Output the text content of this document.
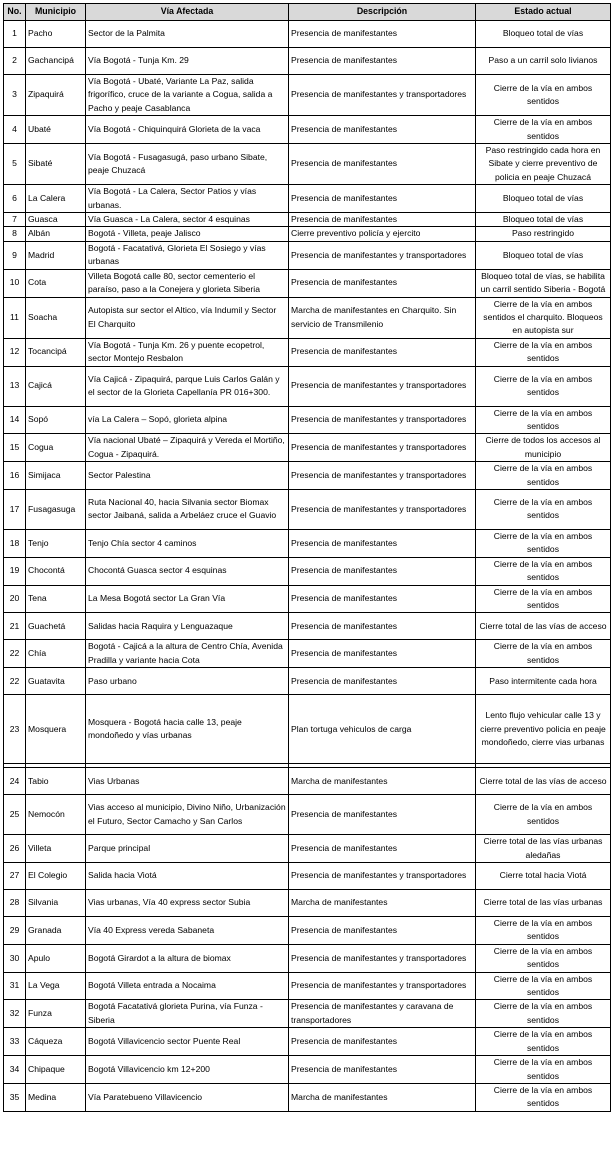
No.	Municipio	Vía Afectada	Descripción	Estado actual
1	Pacho	Sector de la Palmita	Presencia de manifestantes	Bloqueo total de vías
2	Gachancipá	Vía Bogotá - Tunja Km. 29	Presencia de manifestantes	Paso a un carril solo livianos
3	Zipaquirá	Vía Bogotá - Ubaté, Variante La Paz, salida frigorífico, cruce de la variante a Cogua, salida a Pacho y peaje Casablanca	Presencia de manifestantes y transportadores	Cierre de la vía en ambos sentidos
4	Ubaté	Vía Bogotá - Chiquinquirá Glorieta de la vaca	Presencia de manifestantes	Cierre de la vía en ambos sentidos
5	Sibaté	Vía Bogotá - Fusagasugá, paso urbano Sibate, peaje Chuzacá	Presencia de manifestantes	Paso restringido cada hora en Sibate y cierre preventivo de policia en peaje Chuzacá
6	La Calera	Vía Bogotá - La Calera, Sector Patios y vías urbanas.	Presencia de manifestantes	Bloqueo total de vías
7	Guasca	Vía Guasca - La Calera, sector 4 esquinas	Presencia de manifestantes	Bloqueo total de vías
8	Albán	Bogotá - Villeta, peaje Jalisco	Cierre preventivo policía y ejercito	Paso restringido
9	Madrid	Bogotá - Facatativá, Glorieta El Sosiego y vías urbanas	Presencia de manifestantes y transportadores	Bloqueo total de vías
10	Cota	Villeta Bogotá calle 80, sector cementerio el paraíso, paso a la Conejera y glorieta Siberia	Presencia de manifestantes	Bloqueo total de vías, se habilita un carril sentido Siberia - Bogotá
11	Soacha	Autopista sur sector el Altico, vía Indumil y Sector El Charquito	Marcha de manifestantes en Charquito. Sin servicio de Transmilenio	Cierre de la vía en ambos sentidos el charquito. Bloqueos en autopista sur
12	Tocancipá	Vía Bogotá - Tunja Km. 26 y puente ecopetrol, sector Montejo Resbalon	Presencia de manifestantes	Cierre de la vía en ambos sentidos
13	Cajicá	Vía Cajicá - Zipaquirá, parque Luis Carlos Galán y el sector de la Glorieta Capellanía PR 016+300.	Presencia de manifestantes y transportadores	Cierre de la vía en ambos sentidos
14	Sopó	vía La Calera – Sopó, glorieta alpina	Presencia de manifestantes y transportadores	Cierre de la vía en ambos sentidos
15	Cogua	Vía nacional Ubaté – Zipaquirá y Vereda el Mortiño, Cogua - Zipaquirá.	Presencia de manifestantes y transportadores	Cierre de todos los accesos al municipio
16	Simijaca	Sector Palestina	Presencia de manifestantes y transportadores	Cierre de la vía en ambos sentidos
17	Fusagasuga	Ruta Nacional 40, hacia Silvania sector Biomax sector Jaibaná, salida a Arbeláez cruce el Guavio	Presencia de manifestantes y transportadores	Cierre de la vía en ambos sentidos
18	Tenjo	Tenjo Chía sector 4 caminos	Presencia de manifestantes	Cierre de la vía en ambos sentidos
19	Chocontá	Chocontá Guasca sector 4 esquinas	Presencia de manifestantes	Cierre de la vía en ambos sentidos
20	Tena	La Mesa Bogotá sector La Gran Vía	Presencia de manifestantes	Cierre de la vía en ambos sentidos
21	Guachetá	Salidas hacia Raquira y Lenguazaque	Presencia de manifestantes	Cierre total de las vías de acceso
22	Chía	Bogotá - Cajicá a la altura de Centro Chía, Avenida Pradilla y variante hacia Cota	Presencia de manifestantes	Cierre de la vía en ambos sentidos
22	Guatavita	Paso urbano	Presencia de manifestantes	Paso intermitente cada hora
23	Mosquera	Mosquera - Bogotá hacia calle 13, peaje mondoñedo y vías urbanas	Plan tortuga vehiculos de carga	Lento flujo vehicular calle 13 y cierre preventivo policia en peaje mondoñedo, cierre vias urbanas

24	Tabio	Vias Urbanas	Marcha de manifestantes	Cierre total de las vías de acceso
25	Nemocón	Vias acceso al municipio, Divino Niño, Urbanización el Futuro, Sector Camacho y San Carlos	Presencia de manifestantes	Cierre de la vía en ambos sentidos
26	Villeta	Parque principal	Presencia de manifestantes	Cierre total de las vías urbanas aledañas
27	El Colegio	Salida hacia Viotá	Presencia de manifestantes y transportadores	Cierre total hacia Viotá
28	Silvania	Vias urbanas, Vía 40 express sector Subia	Marcha de manifestantes	Cierre total de las vías urbanas
29	Granada	Vía 40 Express vereda Sabaneta	Presencia de manifestantes	Cierre de la vía en ambos sentidos
30	Apulo	Bogotá Girardot a la altura de biomax	Presencia de manifestantes y transportadores	Cierre de la vía en ambos sentidos
31	La Vega	Bogotá Villeta entrada a Nocaima	Presencia de manifestantes y transportadores	Cierre de la vía en ambos sentidos
32	Funza	Bogotá Facatativá glorieta Purina, vía Funza - Siberia	Presencia de manifestantes y caravana de transportadores	Cierre de la vía en ambos sentidos
33	Cáqueza	Bogotá Villavicencio sector Puente Real	Presencia de manifestantes	Cierre de la vía en ambos sentidos
34	Chipaque	Bogotá Villavicencio km 12+200	Presencia de manifestantes	Cierre de la vía en ambos sentidos
35	Medina	Vía Paratebueno Villavicencio	Marcha de manifestantes	Cierre de la vía en ambos sentidos
